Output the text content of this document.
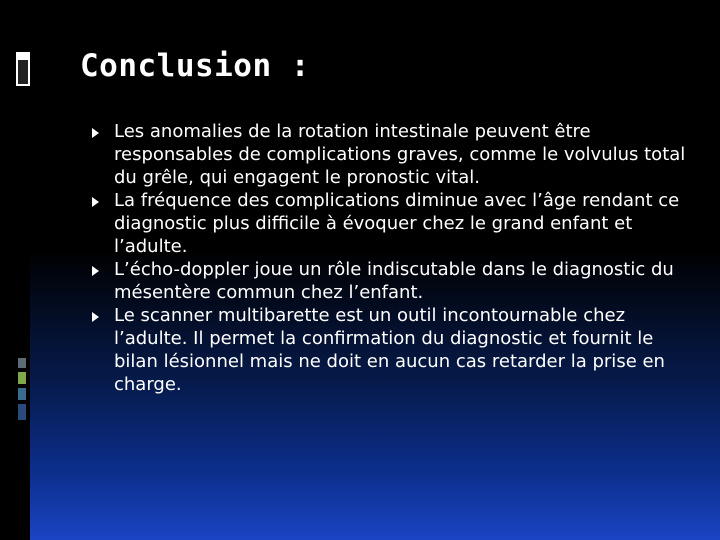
Conclusion :
Les anomalies de la rotation intestinale peuvent être responsables de complications graves, comme le volvulus total du grêle, qui engagent le pronostic vital.
La fréquence des complications diminue avec l’âge rendant ce diagnostic plus difficile à évoquer chez le grand enfant et l’adulte.
L’écho-doppler joue un rôle indiscutable dans le diagnostic du mésentère commun chez l’enfant.
Le scanner multibarette est un outil incontournable chez l’adulte. Il permet la confirmation du diagnostic et fournit le bilan lésionnel mais ne doit en aucun cas retarder la prise en charge.
